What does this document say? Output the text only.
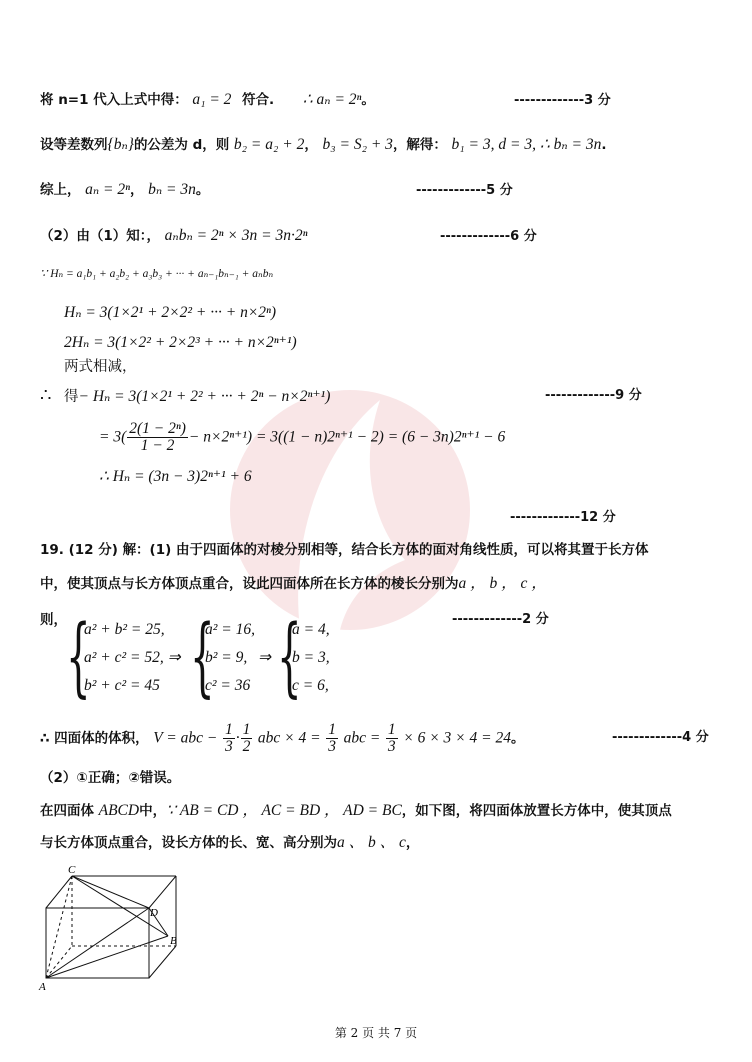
将 n=1 代入上式中得： a₁ = 2 符合. ∴ aₙ = 2ⁿ。	-------------3 分
设等差数列{bₙ}的公差为 d，则 b₂ = a₂ + 2， b₃ = S₂ + 3，解得： b₁ = 3, d = 3, ∴ bₙ = 3n.
综上， aₙ = 2ⁿ， bₙ = 3n。	-------------5 分
（2）由（1）知：， aₙbₙ = 2ⁿ × 3n = 3n·2ⁿ	-------------6 分
∵ Hₙ = a₁b₁ + a₂b₂ + a₃b₃ + ··· + aₙ₋₁bₙ₋₁ + aₙbₙ
Hₙ = 3(1×2¹ + 2×2² + ··· + n×2ⁿ)
2Hₙ = 3(1×2² + 2×2³ + ··· + n×2ⁿ⁺¹)
两式相减，
∴ 得− Hₙ = 3(1×2¹ + 2² + ··· + 2ⁿ − n×2ⁿ⁺¹)	-------------9 分
= $3( \frac{\text{2(1 − 2ⁿ)}}{1 - 2} - n\times 2^{n+1}) = 3((1 - n)2^{n+1} - 2) = (6 - 3n)2^{n+1} - 6$
∴ Hₙ = (3n − 3)2ⁿ⁺¹ + 6
-------------12 分
19. (12 分) 解：(1) 由于四面体的对棱分别相等，结合长方体的面对角线性质，可以将其置于长方体
中，使其顶点与长方体顶点重合，设此四面体所在长方体的棱长分别为a ， b ， c ，
则，	-------------2 分
{
a² + b² = 25,
a² + c² = 52, ⇒
b² + c² = 45 {
a² = 16,
b² = 9,
c² = 36
⇒ {
a = 4,
b = 3,
c = 6,
∴ 四面体的体积， V = abc − $\frac{1}{3} \cdot \frac{1}{2}$ abc × $4 = \frac{1}{3}$ abc = $\frac{1}{3} \times 6 \times 3 \times 4 = 24$。	-------------4 分
（2）①正确；②错误。
在四面体 ABCD中，∵ AB = CD ， AC = BD ， AD = BC，如下图，将四面体放置长方体中，使其顶点
与长方体顶点重合，设长方体的长、宽、高分别为a 、 b 、 c，
C
D
B
A
第 2 页 共 7 页
